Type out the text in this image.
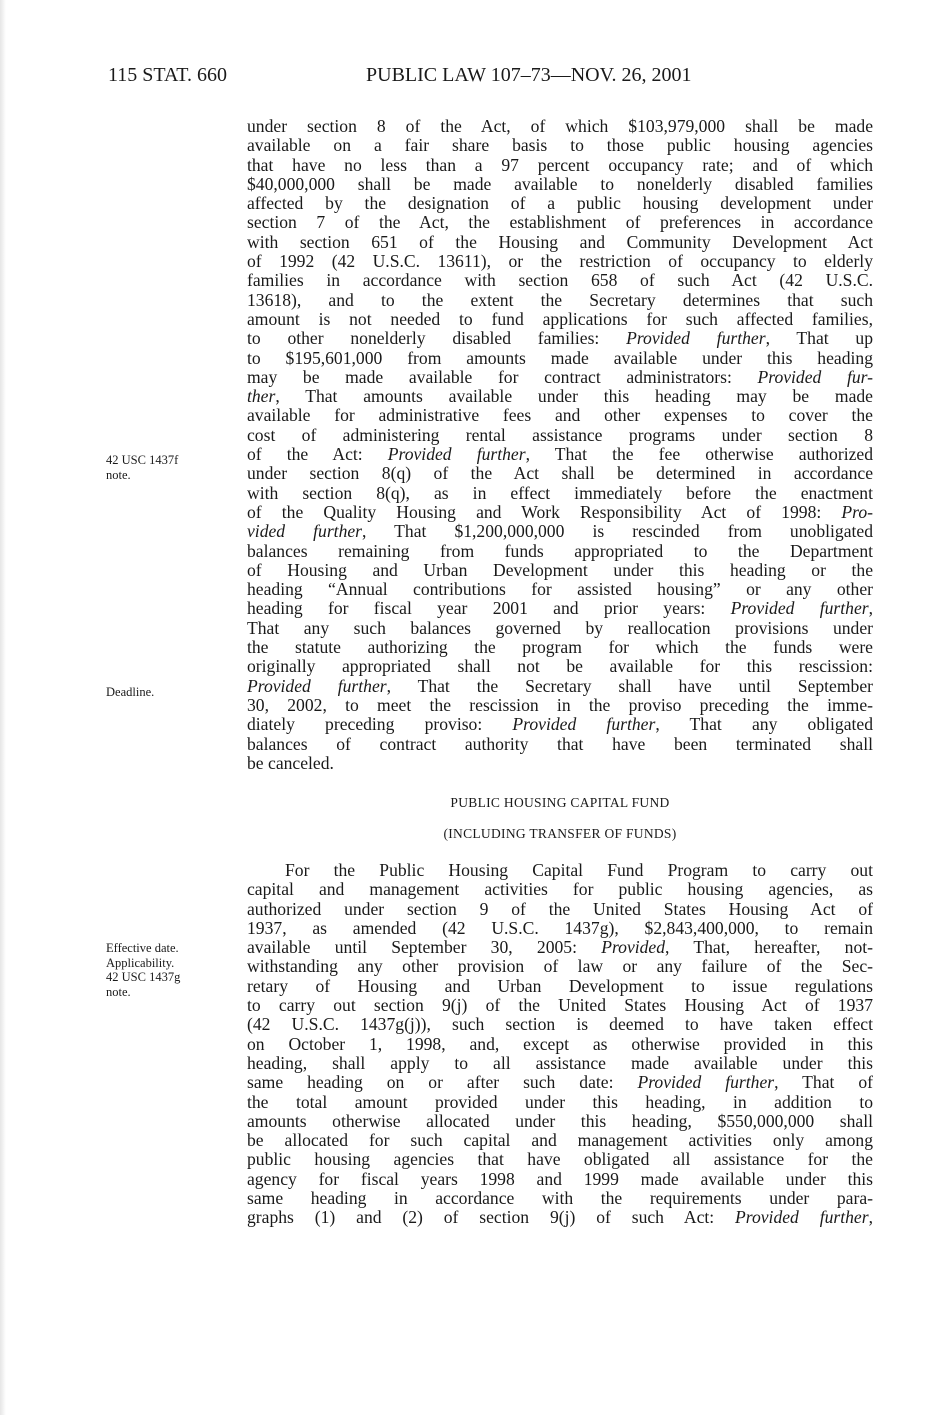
115 STAT. 660	PUBLIC LAW 107–73—NOV. 26, 2001
42 USC 1437f
note.
Deadline.
Effective date.
Applicability.
42 USC 1437g
note.
under section 8 of the Act, of which $103,979,000 shall be made
available on a fair share basis to those public housing agencies
that have no less than a 97 percent occupancy rate; and of which
$40,000,000 shall be made available to nonelderly disabled families
affected by the designation of a public housing development under
section 7 of the Act, the establishment of preferences in accordance
with section 651 of the Housing and Community Development Act
of 1992 (42 U.S.C. 13611), or the restriction of occupancy to elderly
families in accordance with section 658 of such Act (42 U.S.C.
13618), and to the extent the Secretary determines that such
amount is not needed to fund applications for such affected families,
to other nonelderly disabled families: Provided further, That up
to $195,601,000 from amounts made available under this heading
may be made available for contract administrators: Provided fur-
ther, That amounts available under this heading may be made
available for administrative fees and other expenses to cover the
cost of administering rental assistance programs under section 8
of the Act: Provided further, That the fee otherwise authorized
under section 8(q) of the Act shall be determined in accordance
with section 8(q), as in effect immediately before the enactment
of the Quality Housing and Work Responsibility Act of 1998: Pro-
vided further, That $1,200,000,000 is rescinded from unobligated
balances remaining from funds appropriated to the Department
of Housing and Urban Development under this heading or the
heading “Annual contributions for assisted housing” or any other
heading for fiscal year 2001 and prior years: Provided further,
That any such balances governed by reallocation provisions under
the statute authorizing the program for which the funds were
originally appropriated shall not be available for this rescission:
Provided further, That the Secretary shall have until September
30, 2002, to meet the rescission in the proviso preceding the imme-
diately preceding proviso: Provided further, That any obligated
balances of contract authority that have been terminated shall
be canceled.
PUBLIC HOUSING CAPITAL FUND
(INCLUDING TRANSFER OF FUNDS)
For the Public Housing Capital Fund Program to carry out
capital and management activities for public housing agencies, as
authorized under section 9 of the United States Housing Act of
1937, as amended (42 U.S.C. 1437g), $2,843,400,000, to remain
available until September 30, 2005: Provided, That, hereafter, not-
withstanding any other provision of law or any failure of the Sec-
retary of Housing and Urban Development to issue regulations
to carry out section 9(j) of the United States Housing Act of 1937
(42 U.S.C. 1437g(j)), such section is deemed to have taken effect
on October 1, 1998, and, except as otherwise provided in this
heading, shall apply to all assistance made available under this
same heading on or after such date: Provided further, That of
the total amount provided under this heading, in addition to
amounts otherwise allocated under this heading, $550,000,000 shall
be allocated for such capital and management activities only among
public housing agencies that have obligated all assistance for the
agency for fiscal years 1998 and 1999 made available under this
same heading in accordance with the requirements under para-
graphs (1) and (2) of section 9(j) of such Act: Provided further,
